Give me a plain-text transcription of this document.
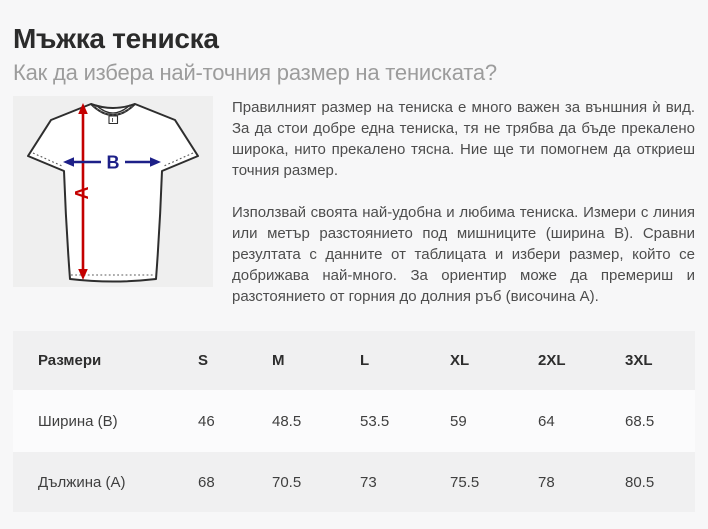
Мъжка тениска
Как да избера най-точния размер на тениската?
A
B

Правилният размер на тениска е много важен за външния ѝ вид. За да стои добре една тениска, тя не трябва да бъде прекалено широка, нито прекалено тясна. Ние ще ти помогнем да откриеш точния размер.

Използвай своята най-удобна и любима тениска. Измери с линия или метър разстоянието под мишниците (ширина B). Сравни резултата с данните от таблицата и избери размер, който се добрижава най-много. За ориентир може да премериш и разстоянието от горния до долния ръб (височина А).

Размери	S	M	L	XL	2XL	3XL
Ширина (B)	46	48.5	53.5	59	64	68.5
Дължина (A)	68	70.5	73	75.5	78	80.5
